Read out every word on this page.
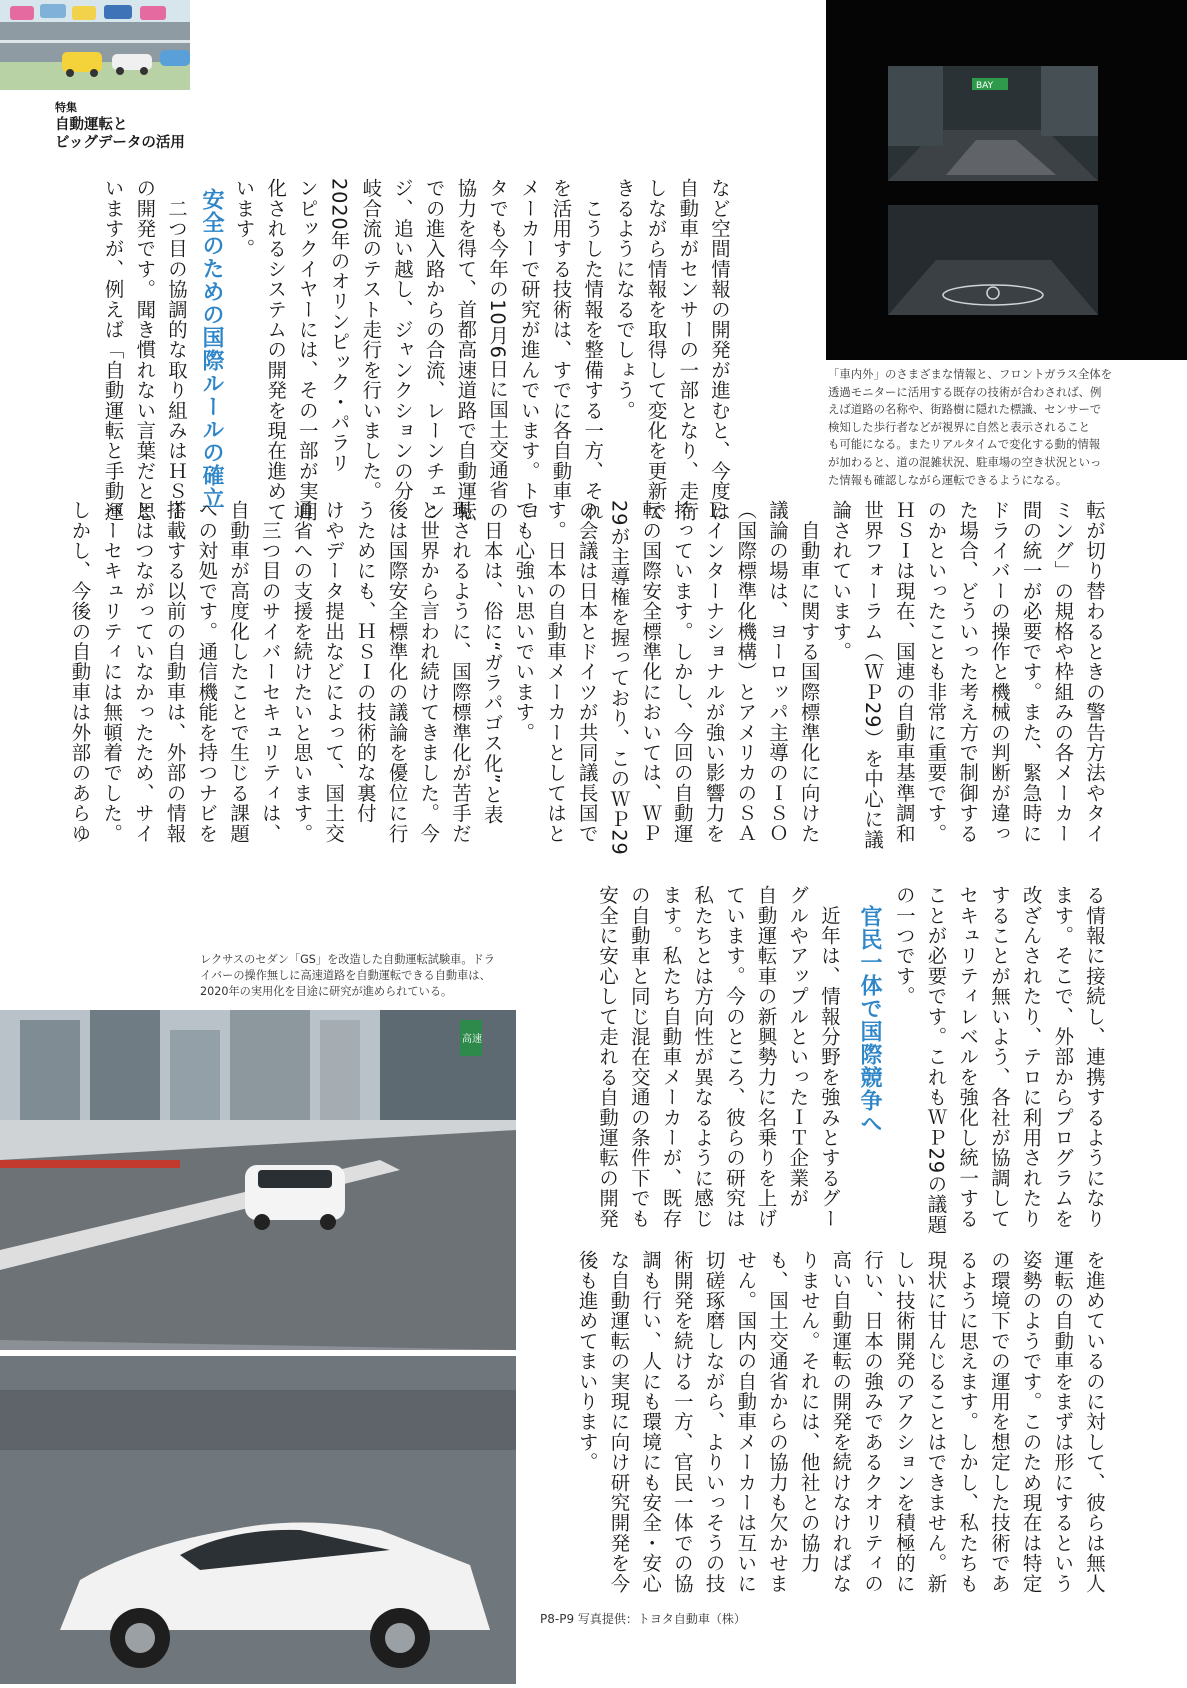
特集
自動運転と
ビッグデータの活用
BAY
「車内外」のさまざまな情報と、フロントガラス全体を
透過モニターに活用する既存の技術が合わされば、例
えば道路の名称や、街路樹に隠れた標識、センサーで
検知した歩行者などが視界に自然と表示されること
も可能になる。またリアルタイムで変化する動的情報
が加わると、道の混雑状況、駐車場の空き状況といっ
た情報も確認しながら運転できるようになる。
など空間情報の開発が進むと、今度は
自動車がセンサーの一部となり、走行
しながら情報を取得して変化を更新で
きるようになるでしょう。
　こうした情報を整備する一方、それ
を活用する技術は、すでに各自動車
メーカーで研究が進んでいます。トヨ
タでも今年の10月6日に国土交通省の
協力を得て、首都高速道路で自動運転
での進入路からの合流、レーンチェン
ジ、追い越し、ジャンクションの分
岐合流のテスト走行を行いました。
2020年のオリンピック・パラリ
ンピックイヤーには、その一部が実用
化されるシステムの開発を現在進めて
います。
安全のための国際ルールの確立
　二つ目の協調的な取り組みはＨＳＩ
の開発です。聞き慣れない言葉だと思
いますが、例えば「自動運転と手動運
転が切り替わるときの警告方法やタイ
ミング」の規格や枠組みの各メーカー
間の統一が必要です。また、緊急時に
ドライバーの操作と機械の判断が違っ
た場合、どういった考え方で制御する
のかといったことも非常に重要です。
ＨＳＩは現在、国連の自動車基準調和
世界フォーラム（ＷＰ29）を中心に議
論されています。
　自動車に関する国際標準化に向けた
議論の場は、ヨーロッパ主導のＩＳＯ
（国際標準化機構）とアメリカのＳＡ
Ｅインターナショナルが強い影響力を
持っています。しかし、今回の自動運
転の国際安全標準化においては、ＷＰ
29が主導権を握っており、このＷＰ29
の会議は日本とドイツが共同議長国で
す。日本の自動車メーカーとしてはと
ても心強い思いでいます。
　日本は、俗に“ガラパゴス化”と表
現されるように、国際標準化が苦手だ
と世界から言われ続けてきました。今
後は国際安全標準化の議論を優位に行
うためにも、ＨＳＩの技術的な裏付
けやデータ提出などによって、国土交
通省への支援を続けたいと思います。
　三つ目のサイバーセキュリティは、
自動車が高度化したことで生じる課題
への対処です。通信機能を持つナビを
搭載する以前の自動車は、外部の情報
とはつながっていなかったため、サイ
バーセキュリティには無頓着でした。
しかし、今後の自動車は外部のあらゆ
レクサスのセダン「GS」を改造した自動運転試験車。ドラ
イバーの操作無しに高速道路を自動運転できる自動車は、
2020年の実用化を目途に研究が進められている。
高速	る情報に接続し、連携するようになり
ます。そこで、外部からプログラムを
改ざんされたり、テロに利用されたり
することが無いよう、各社が協調して
セキュリティレベルを強化し統一する
ことが必要です。これもＷＰ29の議題
の一つです。
官民一体で国際競争へ
　近年は、情報分野を強みとするグー
グルやアップルといったＩＴ企業が
自動運転車の新興勢力に名乗りを上げ
ています。今のところ、彼らの研究は
私たちとは方向性が異なるように感じ
ます。私たち自動車メーカーが、既存
の自動車と同じ混在交通の条件下でも
安全に安心して走れる自動運転の開発
を進めているのに対して、彼らは無人
運転の自動車をまずは形にするという
姿勢のようです。このため現在は特定
の環境下での運用を想定した技術であ
るように思えます。しかし、私たちも
現状に甘んじることはできません。新
しい技術開発のアクションを積極的に
行い、日本の強みであるクオリティの
高い自動運転の開発を続けなければな
りません。それには、他社との協力
も、国土交通省からの協力も欠かせま
せん。国内の自動車メーカーは互いに
切磋琢磨しながら、よりいっそうの技
術開発を続ける一方、官民一体での協
調も行い、人にも環境にも安全・安心
な自動運転の実現に向け研究開発を今
後も進めてまいります。
P8-P9 写真提供：トヨタ自動車（株）
